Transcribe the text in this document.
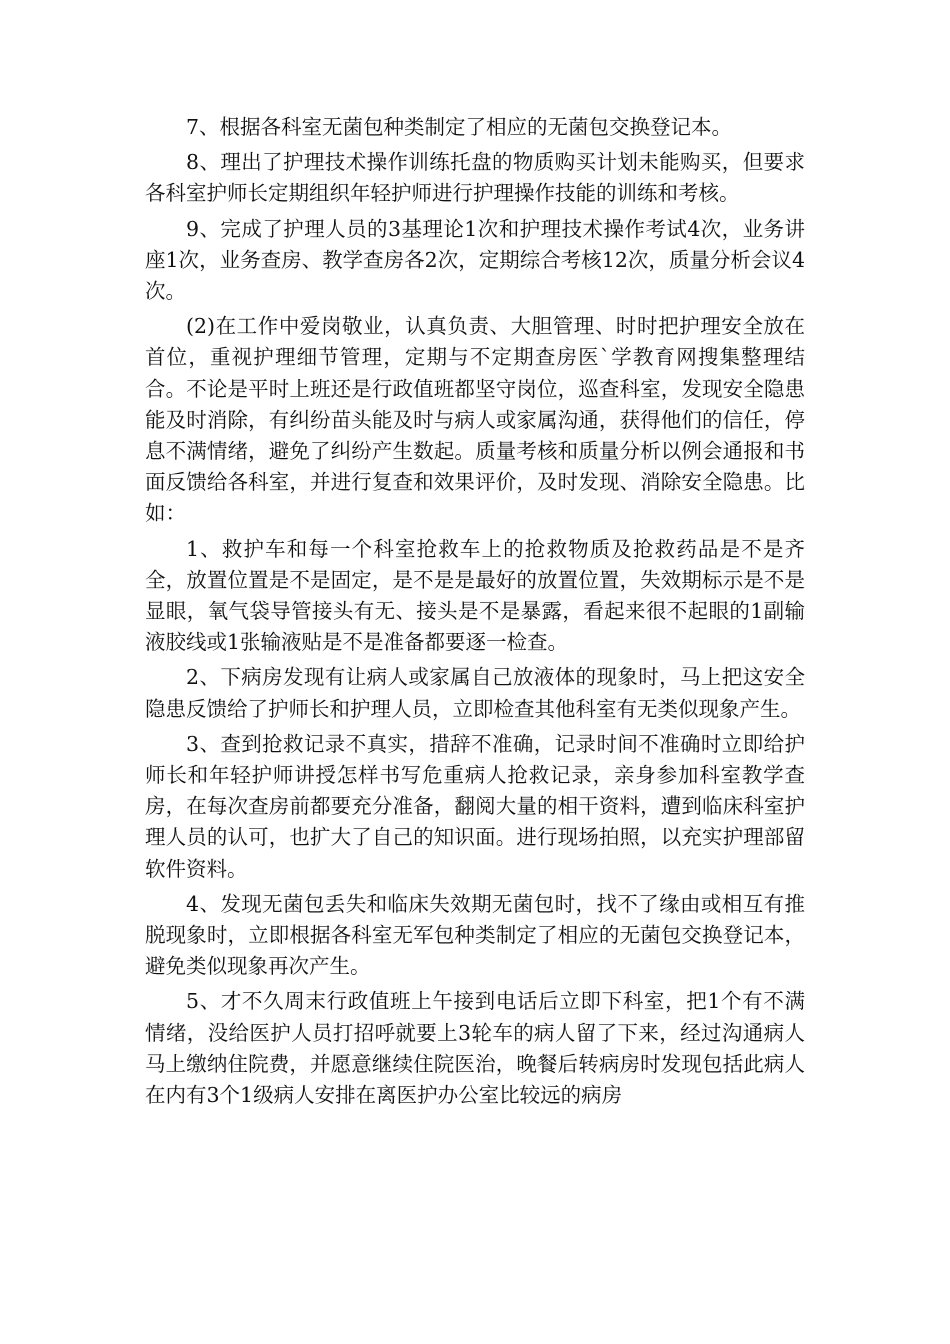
7、根据各科室无菌包种类制定了相应的无菌包交换登记本。

8、理出了护理技术操作训练托盘的物质购买计划未能购买，但要求各科室护师长定期组织年轻护师进行护理操作技能的训练和考核。

9、完成了护理人员的3基理论1次和护理技术操作考试4次，业务讲座1次，业务查房、教学查房各2次，定期综合考核12次，质量分析会议4次。

(2)在工作中爱岗敬业，认真负责、大胆管理、时时把护理安全放在首位，重视护理细节管理，定期与不定期查房医`学教育网搜集整理结合。不论是平时上班还是行政值班都坚守岗位，巡查科室，发现安全隐患能及时消除，有纠纷苗头能及时与病人或家属沟通，获得他们的信任，停息不满情绪，避免了纠纷产生数起。质量考核和质量分析以例会通报和书面反馈给各科室，并进行复查和效果评价，及时发现、消除安全隐患。比如：

1、救护车和每一个科室抢救车上的抢救物质及抢救药品是不是齐全，放置位置是不是固定，是不是是最好的放置位置，失效期标示是不是显眼，氧气袋导管接头有无、接头是不是暴露，看起来很不起眼的1副输液胶线或1张输液贴是不是准备都要逐一检查。

2、下病房发现有让病人或家属自己放液体的现象时，马上把这安全隐患反馈给了护师长和护理人员，立即检查其他科室有无类似现象产生。

3、查到抢救记录不真实，措辞不准确，记录时间不准确时立即给护师长和年轻护师讲授怎样书写危重病人抢救记录，亲身参加科室教学查房，在每次查房前都要充分准备，翻阅大量的相干资料，遭到临床科室护理人员的认可，也扩大了自己的知识面。进行现场拍照，以充实护理部留软件资料。

4、发现无菌包丢失和临床失效期无菌包时，找不了缘由或相互有推脱现象时，立即根据各科室无军包种类制定了相应的无菌包交换登记本，避免类似现象再次产生。

5、才不久周末行政值班上午接到电话后立即下科室，把1个有不满情绪，没给医护人员打招呼就要上3轮车的病人留了下来，经过沟通病人马上缴纳住院费，并愿意继续住院医治，晚餐后转病房时发现包括此病人在内有3个1级病人安排在离医护办公室比较远的病房
